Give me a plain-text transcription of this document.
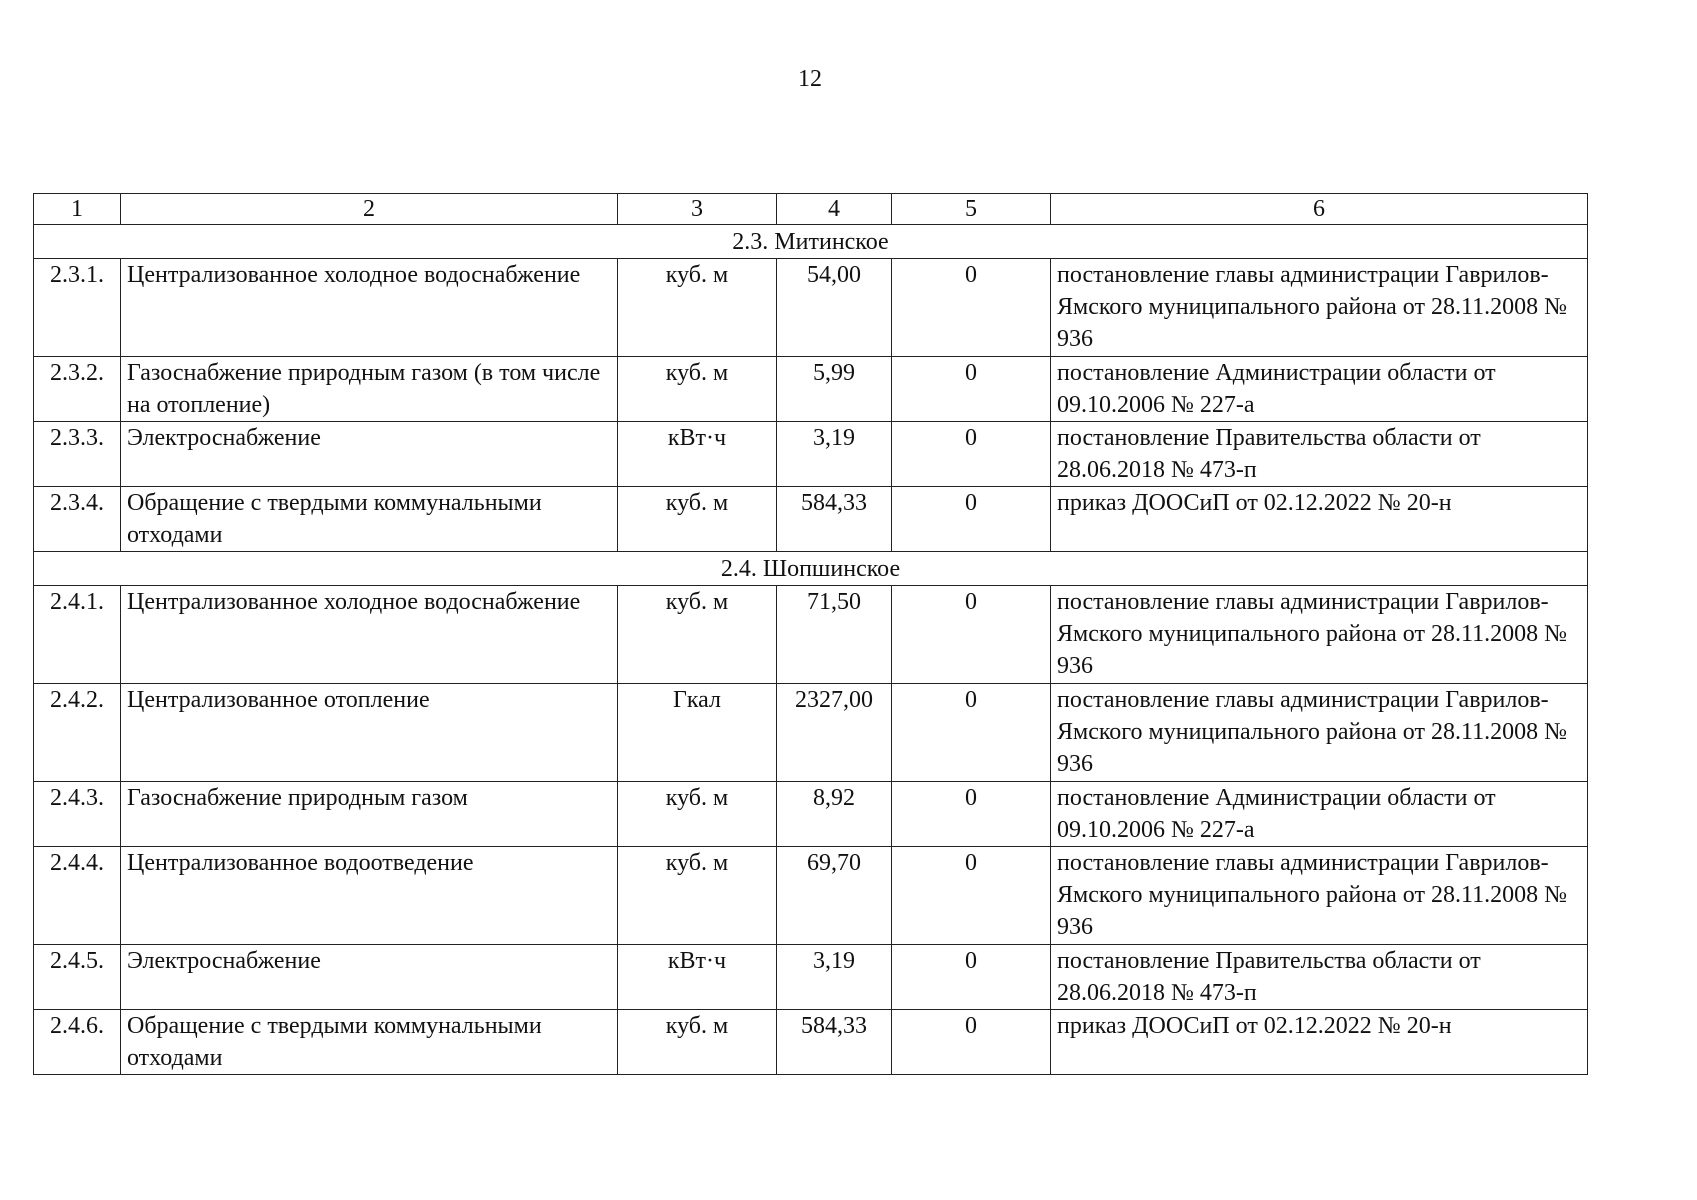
12
1	2	3	4	5	6
2.3. Митинское					
2.3.1.	Централизованное холодное водоснабжение	куб. м	54,00	0	постановление главы администрации Гаврилов-Ямского муниципального района от 28.11.2008 № 936
2.3.2.	Газоснабжение природным газом (в том числе на отопление)	куб. м	5,99	0	постановление Администрации области от 09.10.2006 № 227-а
2.3.3.	Электроснабжение	кВт·ч	3,19	0	постановление Правительства области от 28.06.2018 № 473-п
2.3.4.	Обращение с твердыми коммунальными отходами	куб. м	584,33	0	приказ ДООСиП от 02.12.2022 № 20-н
2.4. Шопшинское					
2.4.1.	Централизованное холодное водоснабжение	куб. м	71,50	0	постановление главы администрации Гаврилов-Ямского муниципального района от 28.11.2008 № 936
2.4.2.	Централизованное отопление	Гкал	2327,00	0	постановление главы администрации Гаврилов-Ямского муниципального района от 28.11.2008 № 936
2.4.3.	Газоснабжение природным газом	куб. м	8,92	0	постановление Администрации области от 09.10.2006 № 227-а
2.4.4.	Централизованное водоотведение	куб. м	69,70	0	постановление главы администрации Гаврилов-Ямского муниципального района от 28.11.2008 № 936
2.4.5.	Электроснабжение	кВт·ч	3,19	0	постановление Правительства области от 28.06.2018 № 473-п
2.4.6.	Обращение с твердыми коммунальными отходами	куб. м	584,33	0	приказ ДООСиП от 02.12.2022 № 20-н
